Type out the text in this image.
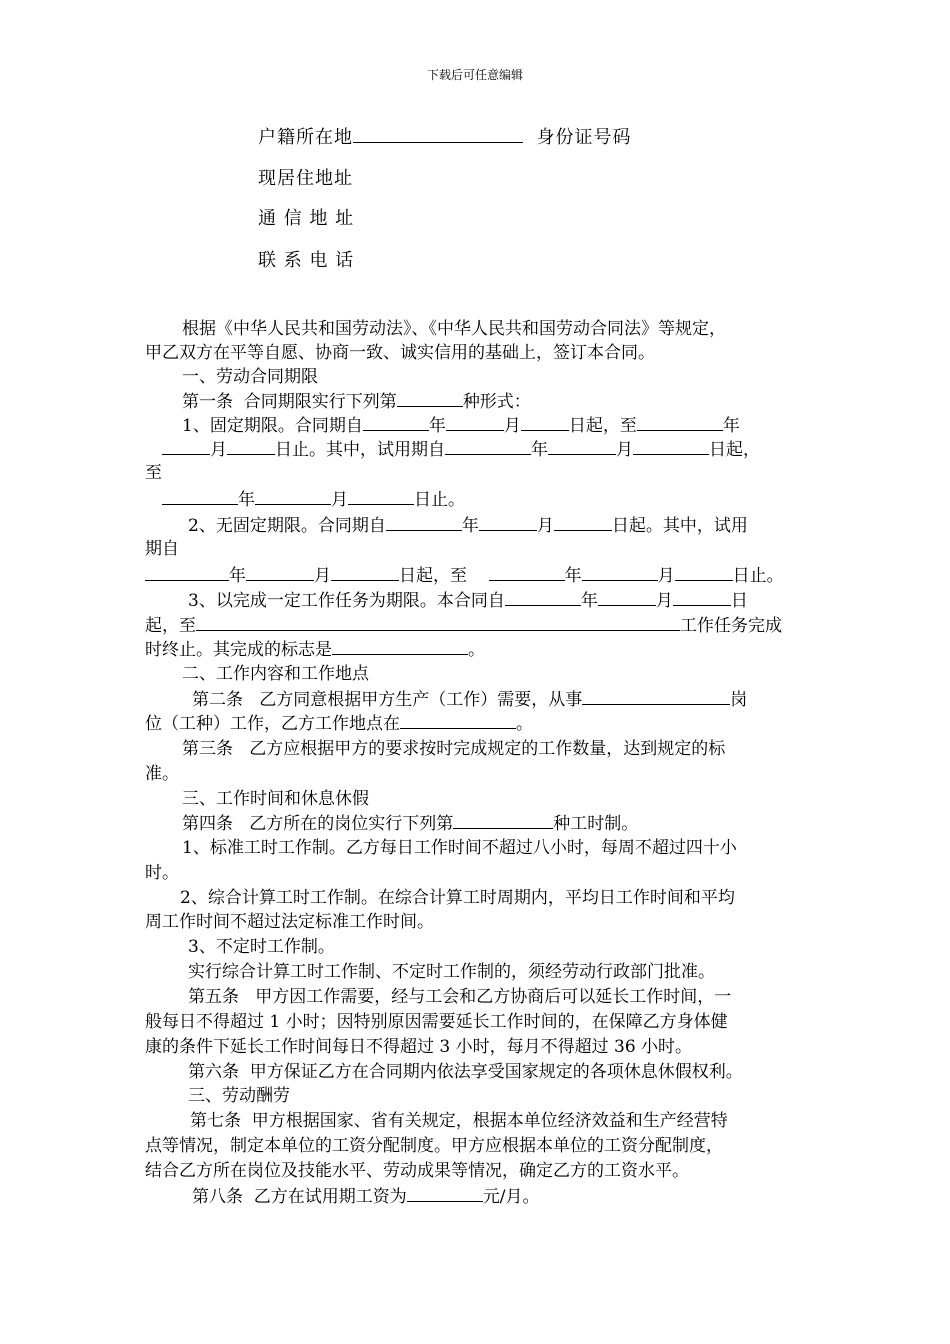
下载后可任意编辑
户籍所在地	身份证号码
现居住地址
通 信 地 址
联 系 电 话
根据《中华人民共和国劳动法》、《中华人民共和国劳动合同法》等规定，
甲乙双方在平等自愿、协商一致、诚实信用的基础上，签订本合同。
一、劳动合同期限
第一条  合同期限实行下列第	种形式：
1、固定期限。合同期自	年	月	日起，至	年
月	日止。其中，试用期自	年	月	日起，
至
年	月	日止。
2、无固定期限。合同期自	年	月	日起。其中，试用
期自
年	月	日起，至	年	月	日止。
3、以完成一定工作任务为期限。本合同自	年	月	日
起，至	工作任务完成
时终止。其完成的标志是	。
二、工作内容和工作地点
第二条   乙方同意根据甲方生产（工作）需要，从事	岗
位（工种）工作，乙方工作地点在	。
第三条   乙方应根据甲方的要求按时完成规定的工作数量，达到规定的标
准。
三、工作时间和休息休假
第四条   乙方所在的岗位实行下列第	种工时制。
1、标准工时工作制。乙方每日工作时间不超过八小时，每周不超过四十小
时。
2、综合计算工时工作制。在综合计算工时周期内，平均日工作时间和平均
周工作时间不超过法定标准工作时间。
3、不定时工作制。
实行综合计算工时工作制、不定时工作制的，须经劳动行政部门批准。
第五条   甲方因工作需要，经与工会和乙方协商后可以延长工作时间，一
般每日不得超过 1 小时；因特别原因需要延长工作时间的，在保障乙方身体健
康的条件下延长工作时间每日不得超过 3 小时，每月不得超过 36 小时。
第六条  甲方保证乙方在合同期内依法享受国家规定的各项休息休假权利。
三、劳动酬劳
第七条  甲方根据国家、省有关规定，根据本单位经济效益和生产经营特
点等情况，制定本单位的工资分配制度。甲方应根据本单位的工资分配制度，
结合乙方所在岗位及技能水平、劳动成果等情况，确定乙方的工资水平。
第八条  乙方在试用期工资为	元/月。
